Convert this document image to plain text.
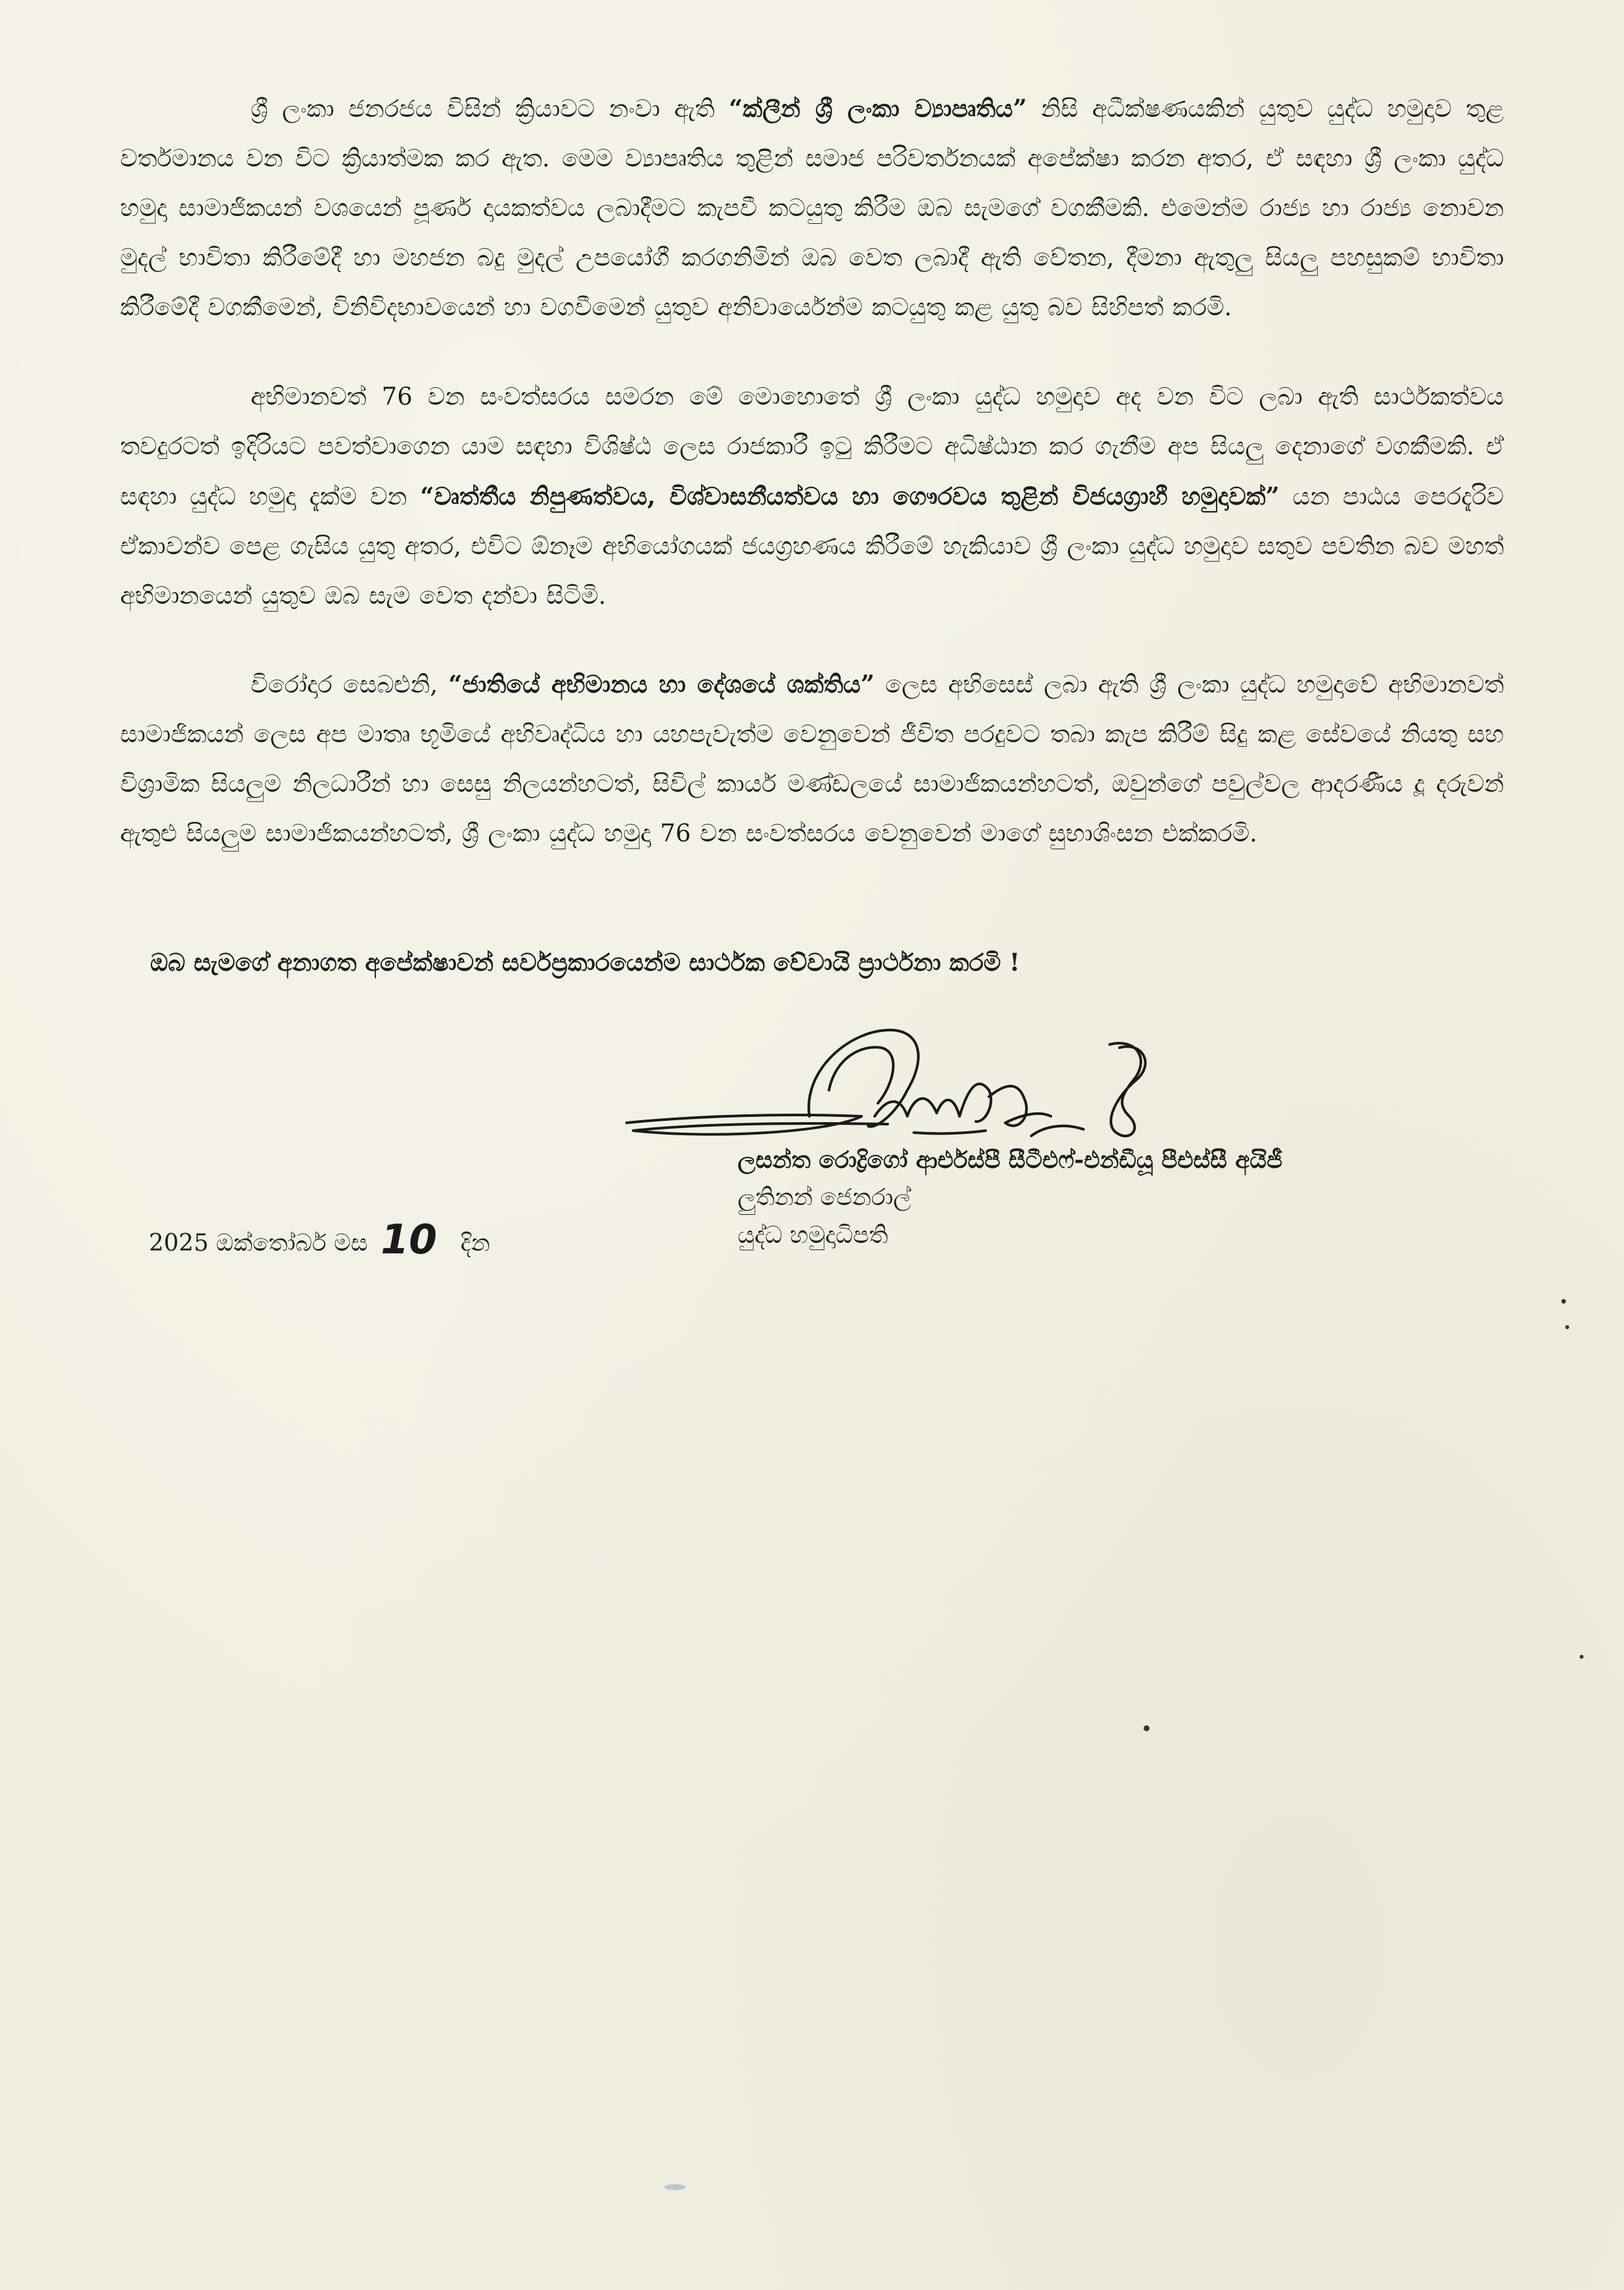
ශ්‍රී ලංකා ජනරජය විසින් ක්‍රියාවට නංවා ඇති “ක්ලීන් ශ්‍රී ලංකා ව්‍යාපෘතිය” නිසි අධීක්ෂණයකින් යුතුව යුද්ධ හමුදාව තුළ වර්තමානය වන විට ක්‍රියාත්මක කර ඇත. මෙම ව්‍යාපෘතිය තුළින් සමාජ පරිවර්තනයක් අපේක්ෂා කරන අතර, ඒ සඳහා ශ්‍රී ලංකා යුද්ධ හමුදා සාමාජිකයන් වශයෙන් පූර්ණ දායකත්වය ලබාදීමට කැපවී කටයුතු කිරීම ඔබ සැමගේ වගකීමකි. එමෙන්ම රාජ්‍ය හා රාජ්‍ය නොවන මුදල් භාවිතා කිරීමේදී හා මහජන බදු මුදල් උපයෝගී කරගනිමින් ඔබ වෙත ලබාදී ඇති වේතන, දීමනා ඇතුලු සියලු පහසුකම් භාවිතා කිරීමේදී වගකීමෙන්, විනිවිදභාවයෙන් හා වගවීමෙන් යුතුව අනිවාර්යෙන්ම කටයුතු කළ යුතු බව සිහිපත් කරමි.

අභිමානවත් 76 වන සංවත්සරය සමරන මේ මොහොතේ ශ්‍රී ලංකා යුද්ධ හමුදාව අද වන විට ලබා ඇති සාර්ථකත්වය තවදුරටත් ඉදිරියට පවත්වාගෙන යාම සඳහා විශිෂ්ඨ ලෙස රාජකාරී ඉටු කිරීමට අධිෂ්ඨාන කර ගැනීම අප සියලු දෙනාගේ වගකීමකි. ඒ සඳහා යුද්ධ හමුදා දැක්ම වන “වෘත්තීය නිපුණත්වය, විශ්වාසනීයත්වය හා ගෞරවය තුළින් විජයග්‍රාහී හමුදාවක්” යන පාඨය පෙරදැරිව ඒකාවන්ව පෙළ ගැසිය යුතු අතර, එවිට ඕනෑම අභියෝගයක් ජයග්‍රහණය කිරීමේ හැකියාව ශ්‍රී ලංකා යුද්ධ හමුදාව සතුව පවතින බව මහත් අභිමානයෙන් යුතුව ඔබ සැම වෙත දන්වා සිටිමි.

විරෝදාර සෙබළුනි, “ජාතියේ අභිමානය හා දේශයේ ශක්තිය” ලෙස අභිසෙස් ලබා ඇති ශ්‍රී ලංකා යුද්ධ හමුදාවේ අභිමානවත් සාමාජිකයන් ලෙස අප මාතෘ භූමියේ අභිවෘද්ධිය හා යහපැවැත්ම වෙනුවෙන් ජීවිත පරදුවට තබා කැප කිරීම් සිදු කළ සේවයේ නියතු සහ විශ්‍රාමික සියලුම නිලධාරීන් හා සෙසු නිලයන්හටත්, සිවිල් කාර්ය මණ්ඩලයේ සාමාජිකයන්හටත්, ඔවුන්ගේ පවුල්වල ආදරණීය දූ දරුවන් ඇතුළු සියලුම සාමාජිකයන්හටත්, ශ්‍රී ලංකා යුද්ධ හමුදා 76 වන සංවත්සරය වෙනුවෙන් මාගේ සුභාශිංසන එක්කරමි.

ඔබ සැමගේ අනාගත අපේක්ෂාවන් සර්වප්‍රකාරයෙන්ම සාර්ථක වේවායි ප්‍රාර්ථනා කරමි !

ලසන්ත රොද්‍රිගෝ ආර්එස්පී සීටීඑෆ්-එන්ඩීයූ පීඑස්සී අයිජී
ලුතිනන් ජෙනරාල්
යුද්ධ හමුදාධිපති
2025 ඔක්තෝබර් මස 10 දින
